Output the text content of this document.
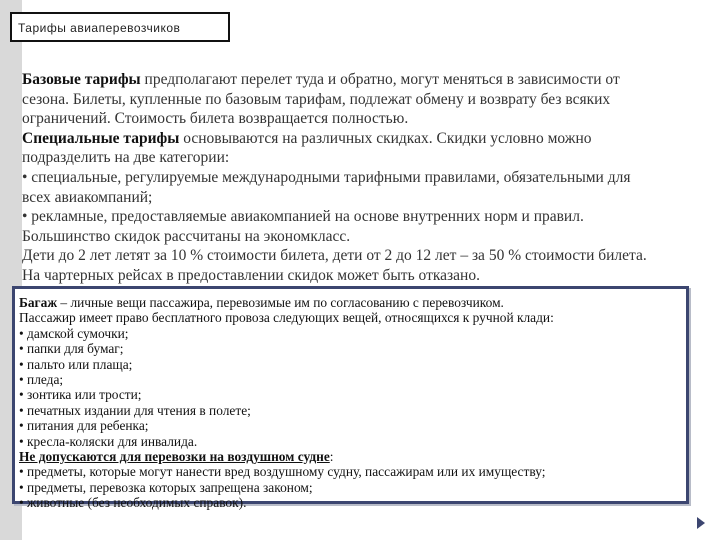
Тарифы авиаперевозчиков
Базовые тарифы предполагают перелет туда и обратно, могут меняться в зависимости от
сезона. Билеты, купленные по базовым тарифам, подлежат обмену и возврату без всяких
ограничений. Стоимость билета возвращается полностью.
Специальные тарифы основываются на различных скидках. Скидки условно можно
подразделить на две категории:
• специальные, регулируемые международными тарифными правилами, обязательными для
всех авиакомпаний;
• рекламные, предоставляемые авиакомпанией на основе внутренних норм и правил.
Большинство скидок рассчитаны на экономкласс.
Дети до 2 лет летят за 10 % стоимости билета, дети от 2 до 12 лет – за 50 % стоимости билета.
На чартерных рейсах в предоставлении скидок может быть отказано.
Багаж – личные вещи пассажира, перевозимые им по согласованию с перевозчиком.
Пассажир имеет право бесплатного провоза следующих вещей, относящихся к ручной клади:
• дамской сумочки;
• папки для бумаг;
• пальто или плаща;
• пледа;
• зонтика или трости;
• печатных издании для чтения в полете;
• питания для ребенка;
• кресла-коляски для инвалида.
Не допускаются для перевозки на воздушном судне:
• предметы, которые могут нанести вред воздушному судну, пассажирам или их имуществу;
• предметы, перевозка которых запрещена законом;
• животные (без необходимых справок).
